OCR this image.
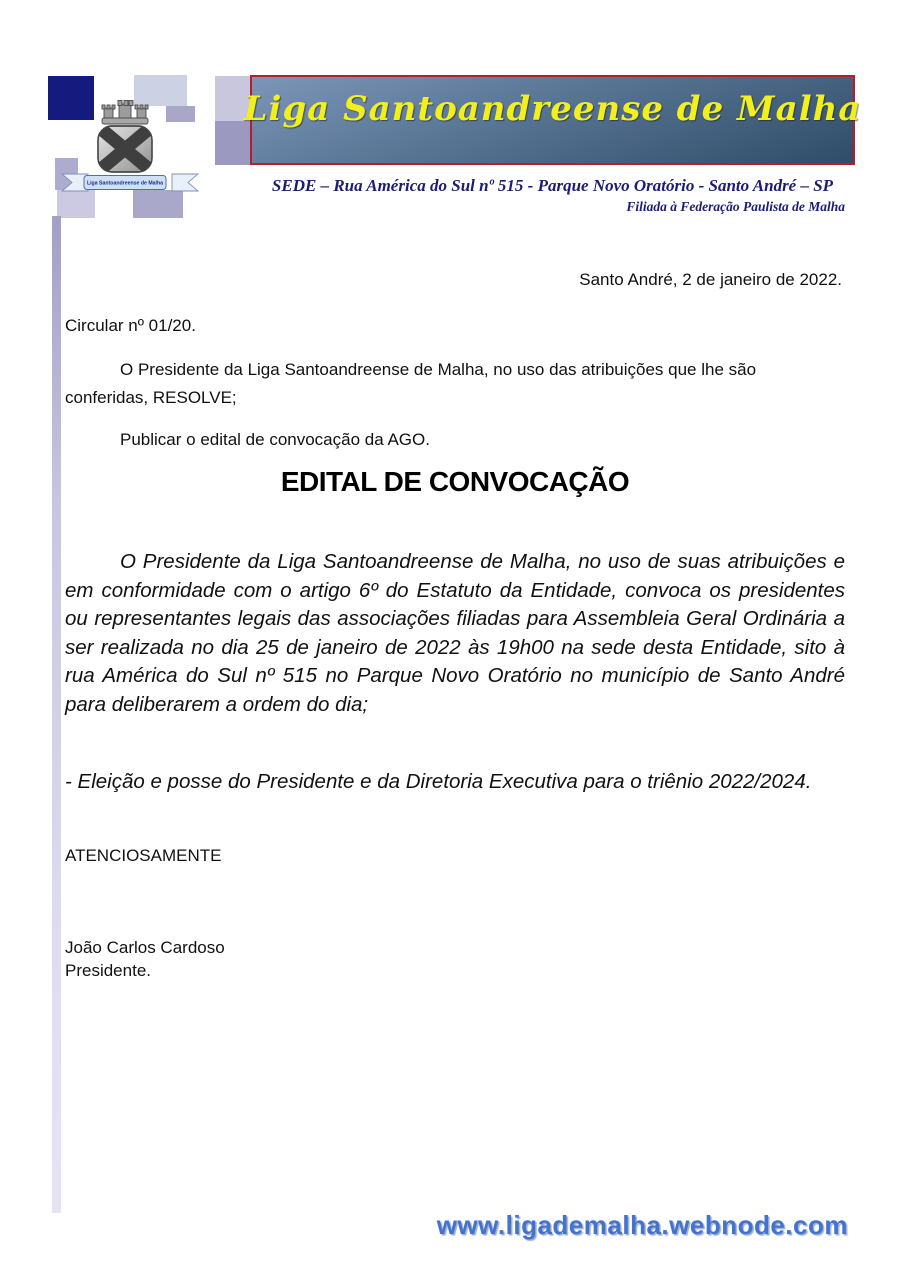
Liga Santoandreense de Malha
Liga Santoandreense de Malha
SEDE – Rua América do Sul nº 515 - Parque Novo Oratório - Santo André – SP
Filiada à Federação Paulista de Malha
Santo André, 2 de janeiro de 2022.
Circular nº 01/20.
O Presidente da Liga Santoandreense de Malha, no uso das atribuições que lhe são conferidas, RESOLVE;
Publicar o edital de convocação da AGO.
EDITAL DE CONVOCAÇÃO
O Presidente da Liga Santoandreense de Malha, no uso de suas atribuições e em conformidade com o artigo 6º do Estatuto da Entidade, convoca os presidentes ou representantes legais das associações filiadas para Assembleia Geral Ordinária a ser realizada no dia 25 de janeiro de 2022 às 19h00 na sede desta Entidade, sito à rua América do Sul nº 515 no Parque Novo Oratório no município de Santo André para deliberarem a ordem do dia;
- Eleição e posse do Presidente e da Diretoria Executiva para o triênio 2022/2024.
ATENCIOSAMENTE
João Carlos Cardoso
Presidente.
www.ligademalha.webnode.com
